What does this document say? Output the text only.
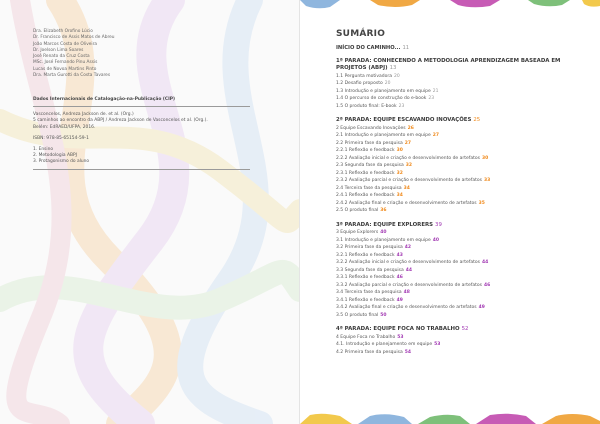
Dra. Elizabeth Orofino Lúcio
Dr. Francisco de Assis Matos de Abreu
João Marcos Costa de Oliveira
Dr. Joelson Lima Soares
José Renato da Cruz Costa
MSc. José Fernando Pinu Assis
Lucas de Novoa Martins Pinto
Dra. Marta Gurotti da Costa Tavares
Dados Internacionais de Catalogação-na-Publicação (CIP)
Vasconcelos, Andreza Jackson de. et al. (Org.)
5 caminhos ao encontro da ABPJ / Andreza Jackson de Vasconcelos et al. (Org.).
Belém: EdRAED/UFPA, 2016.
ISBN: 978-85-65154-59-1
1. Ensino
2. Metodologia ABPJ
3. Protagonismo do aluno
SUMÁRIO
INÍCIO DO CAMINHO... 11
1ª PARADA: CONHECENDO A METODOLOGIA APRENDIZAGEM BASEADA EM PROJETOS (ABPJ) 13
1.1 Pergunta motivadora 20
1.2 Desafio proposto 20
1.3 Introdução e planejamento em equipe 21
1.4 O percurso de construção do e-book 23
1.5 O produto final: E-book 23
2ª PARADA: EQUIPE ESCAVANDO INOVAÇÕES 25
2 Equipe Escavando Inovações 26
2.1 Introdução e planejamento em equipe 27
2.2 Primeira fase da pesquisa 27
2.2.1 Reflexão e feedback 30
2.2.2 Avaliação inicial e criação e desenvolvimento de artefatos 30
2.3 Segunda fase da pesquisa 32
2.3.1 Reflexão e feedback 32
2.3.2 Avaliação parcial e criação e desenvolvimento de artefatos 33
2.4 Terceira fase da pesquisa 34
2.4.1 Reflexão e feedback 34
2.4.2 Avaliação final e criação e desenvolvimento de artefatos 35
2.5 O produto final 36
3ª PARADA: EQUIPE EXPLORERS 39
3 Equipe Explorers 40
3.1 Introdução e planejamento em equipe 40
3.2 Primeira fase da pesquisa 42
3.2.1 Reflexão e feedback 43
3.2.2 Avaliação inicial e criação e desenvolvimento de artefatos 44
3.3 Segunda fase da pesquisa 44
3.3.1 Reflexão e feedback 46
3.3.2 Avaliação parcial e criação e desenvolvimento de artefatos 46
3.4 Terceira fase da pesquisa 48
3.4.1 Reflexão e feedback 49
3.4.2 Avaliação final e criação e desenvolvimento de artefatos 49
3.5 O produto final 50
4ª PARADA: EQUIPE FOCA NO TRABALHO 52
4 Equipe Foca no Trabalho 53
4.1. Introdução e planejamento em equipe 53
4.2 Primeira fase da pesquisa 54
